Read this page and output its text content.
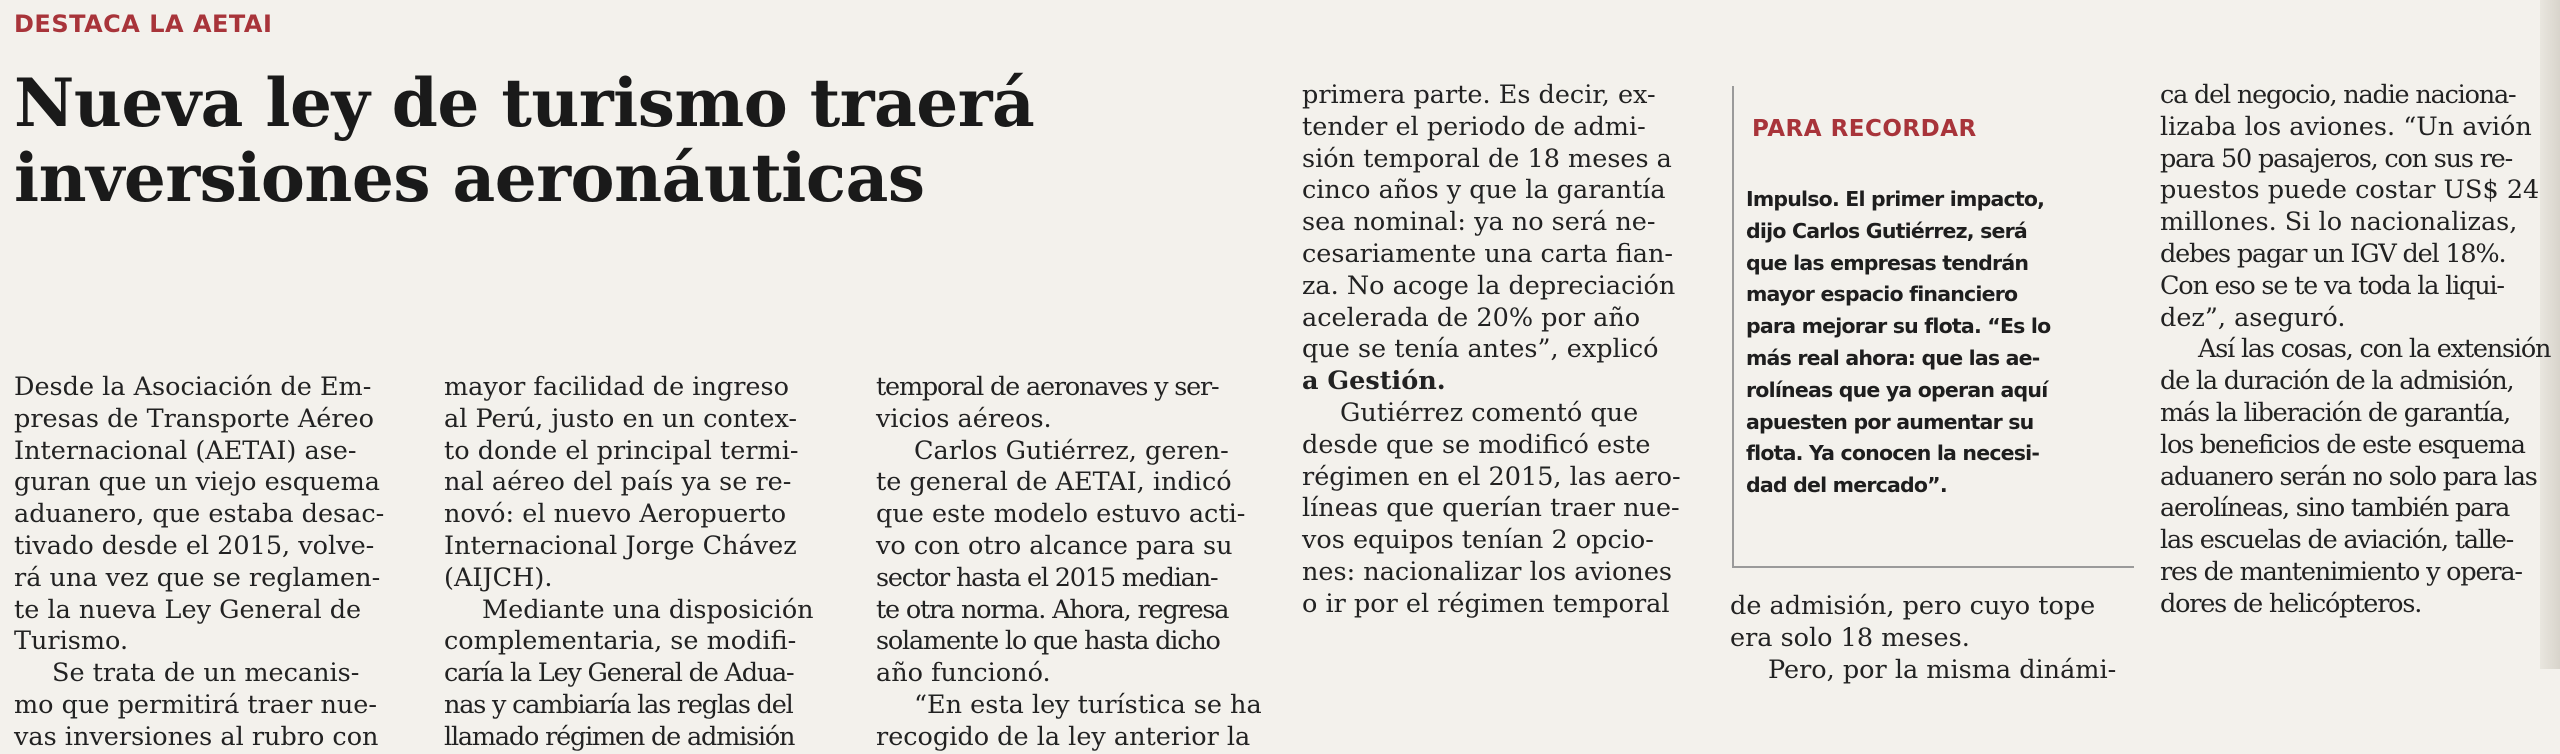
DESTACA LA AETAI
Nueva ley de turismo traerá
inversiones aeronáuticas
Desde la Asociación de Em-
presas de Transporte Aéreo
Internacional (AETAI) ase-
guran que un viejo esquema
aduanero, que estaba desac-
tivado desde el 2015, volve-
rá una vez que se reglamen-
te la nueva Ley General de
Turismo.
Se trata de un mecanis-
mo que permitirá traer nue-
vas inversiones al rubro con
mayor facilidad de ingreso
al Perú, justo en un contex-
to donde el principal termi-
nal aéreo del país ya se re-
novó: el nuevo Aeropuerto
Internacional Jorge Chávez
(AIJCH).
Mediante una disposición
complementaria, se modifi-
caría la Ley General de Adua-
nas y cambiaría las reglas del
llamado régimen de admisión
temporal de aeronaves y ser-
vicios aéreos.
Carlos Gutiérrez, geren-
te general de AETAI, indicó
que este modelo estuvo acti-
vo con otro alcance para su
sector hasta el 2015 median-
te otra norma. Ahora, regresa
solamente lo que hasta dicho
año funcionó.
“En esta ley turística se ha
recogido de la ley anterior la
primera parte. Es decir, ex-
tender el periodo de admi-
sión temporal de 18 meses a
cinco años y que la garantía
sea nominal: ya no será ne-
cesariamente una carta fian-
za. No acoge la depreciación
acelerada de 20% por año
que se tenía antes”, explicó
a Gestión.
Gutiérrez comentó que
desde que se modificó este
régimen en el 2015, las aero-
líneas que querían traer nue-
vos equipos tenían 2 opcio-
nes: nacionalizar los aviones
o ir por el régimen temporal
PARA RECORDAR
Impulso. El primer impacto,
dijo Carlos Gutiérrez, será
que las empresas tendrán
mayor espacio financiero
para mejorar su flota. “Es lo
más real ahora: que las ae-
rolíneas que ya operan aquí
apuesten por aumentar su
flota. Ya conocen la necesi-
dad del mercado”.
de admisión, pero cuyo tope
era solo 18 meses.
Pero, por la misma dinámi-
ca del negocio, nadie naciona-
lizaba los aviones. “Un avión
para 50 pasajeros, con sus re-
puestos puede costar US$ 24
millones. Si lo nacionalizas,
debes pagar un IGV del 18%.
Con eso se te va toda la liqui-
dez”, aseguró.
Así las cosas, con la extensión
de la duración de la admisión,
más la liberación de garantía,
los beneficios de este esquema
aduanero serán no solo para las
aerolíneas, sino también para
las escuelas de aviación, talle-
res de mantenimiento y opera-
dores de helicópteros.
